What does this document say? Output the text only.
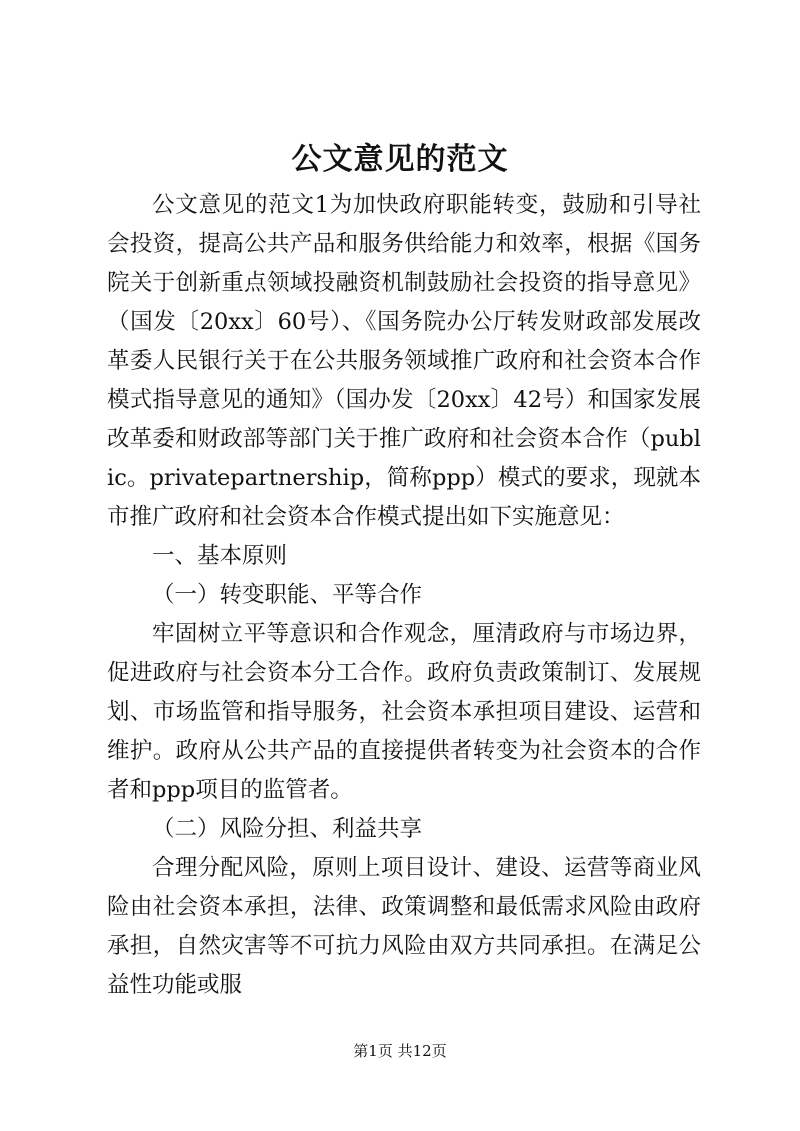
公文意见的范文

公文意见的范文1为加快政府职能转变，鼓励和引导社会投资，提高公共产品和服务供给能力和效率，根据《国务院关于创新重点领域投融资机制鼓励社会投资的指导意见》（国发〔20xx〕60号）、《国务院办公厅转发财政部发展改革委人民银行关于在公共服务领域推广政府和社会资本合作模式指导意见的通知》（国办发〔20xx〕42号）和国家发展改革委和财政部等部门关于推广政府和社会资本合作（public。privatepartnership，简称ppp）模式的要求，现就本市推广政府和社会资本合作模式提出如下实施意见：

一、基本原则

（一）转变职能、平等合作

牢固树立平等意识和合作观念，厘清政府与市场边界，促进政府与社会资本分工合作。政府负责政策制订、发展规划、市场监管和指导服务，社会资本承担项目建设、运营和维护。政府从公共产品的直接提供者转变为社会资本的合作者和ppp项目的监管者。

（二）风险分担、利益共享

合理分配风险，原则上项目设计、建设、运营等商业风险由社会资本承担，法律、政策调整和最低需求风险由政府承担，自然灾害等不可抗力风险由双方共同承担。在满足公益性功能或服

第1页 共12页
